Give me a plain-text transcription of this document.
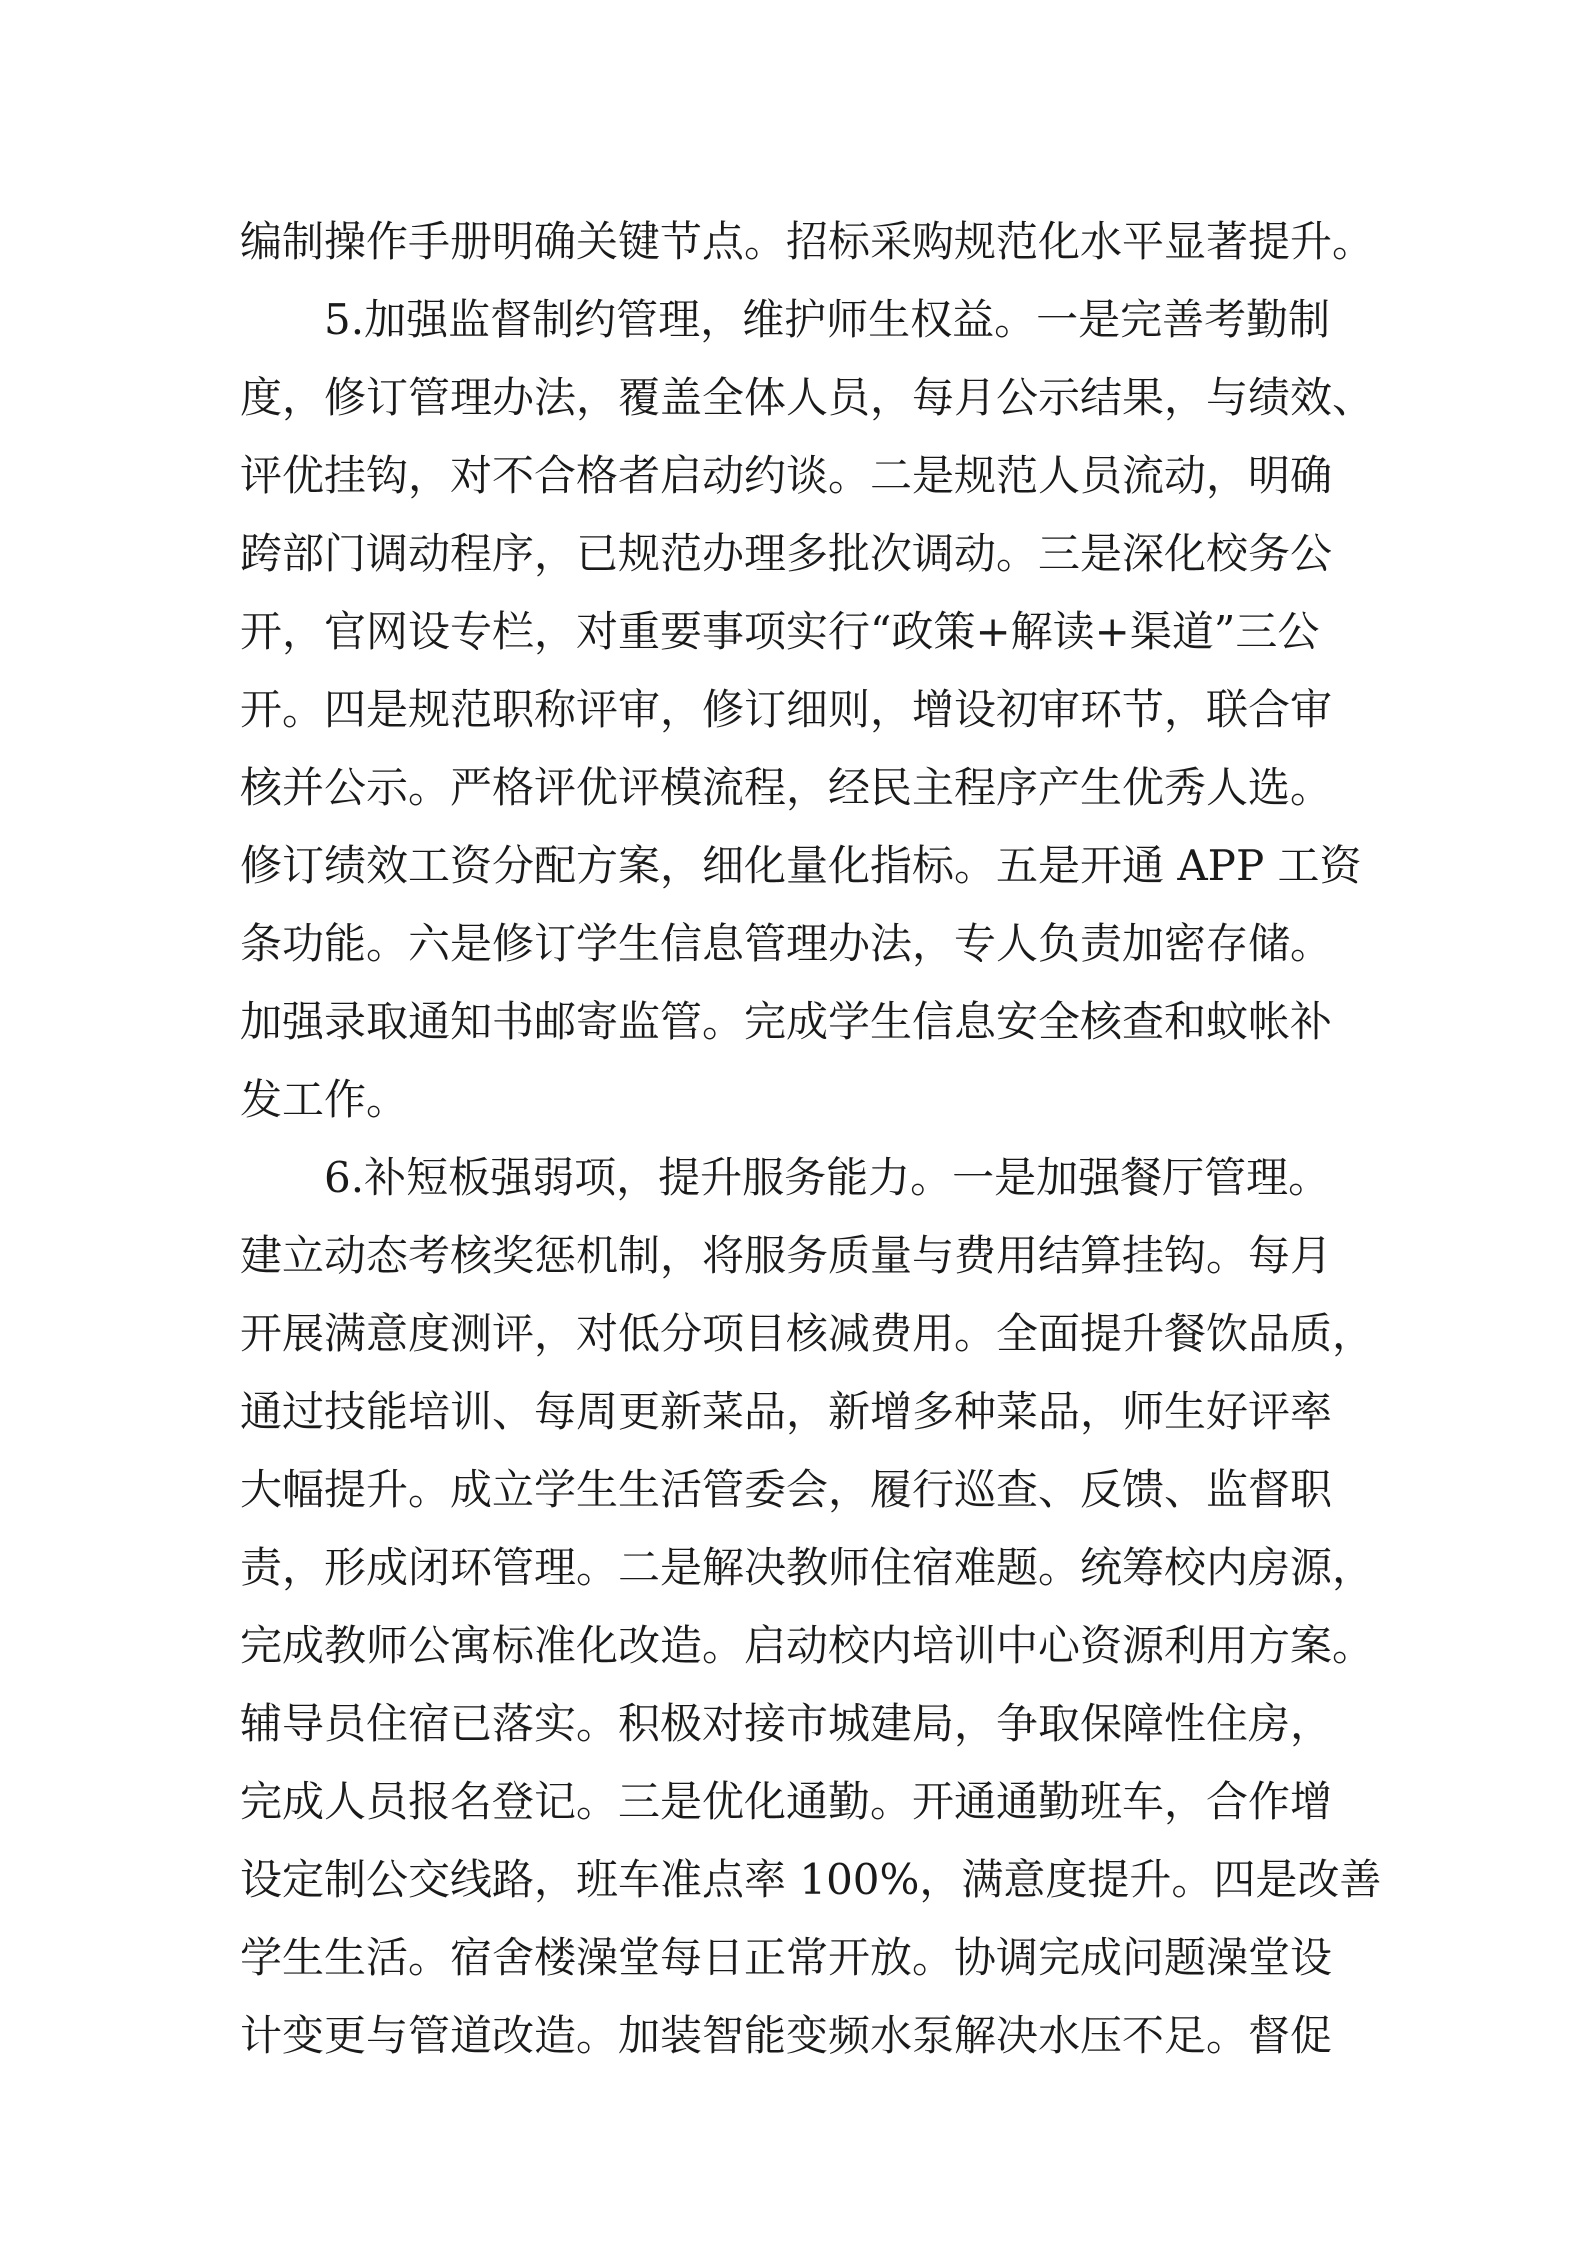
编制操作手册明确关键节点。招标采购规范化水平显著提升。
5.加强监督制约管理，维护师生权益。一是完善考勤制
度，修订管理办法，覆盖全体人员，每月公示结果，与绩效、
评优挂钩，对不合格者启动约谈。二是规范人员流动，明确
跨部门调动程序，已规范办理多批次调动。三是深化校务公
开，官网设专栏，对重要事项实行“政策+解读+渠道”三公
开。四是规范职称评审，修订细则，增设初审环节，联合审
核并公示。严格评优评模流程，经民主程序产生优秀人选。
修订绩效工资分配方案，细化量化指标。五是开通 APP 工资
条功能。六是修订学生信息管理办法，专人负责加密存储。
加强录取通知书邮寄监管。完成学生信息安全核查和蚊帐补
发工作。
6.补短板强弱项，提升服务能力。一是加强餐厅管理。
建立动态考核奖惩机制，将服务质量与费用结算挂钩。每月
开展满意度测评，对低分项目核减费用。全面提升餐饮品质，
通过技能培训、每周更新菜品，新增多种菜品，师生好评率
大幅提升。成立学生生活管委会，履行巡查、反馈、监督职
责，形成闭环管理。二是解决教师住宿难题。统筹校内房源，
完成教师公寓标准化改造。启动校内培训中心资源利用方案。
辅导员住宿已落实。积极对接市城建局，争取保障性住房，
完成人员报名登记。三是优化通勤。开通通勤班车，合作增
设定制公交线路，班车准点率 100%，满意度提升。四是改善
学生生活。宿舍楼澡堂每日正常开放。协调完成问题澡堂设
计变更与管道改造。加装智能变频水泵解决水压不足。督促
